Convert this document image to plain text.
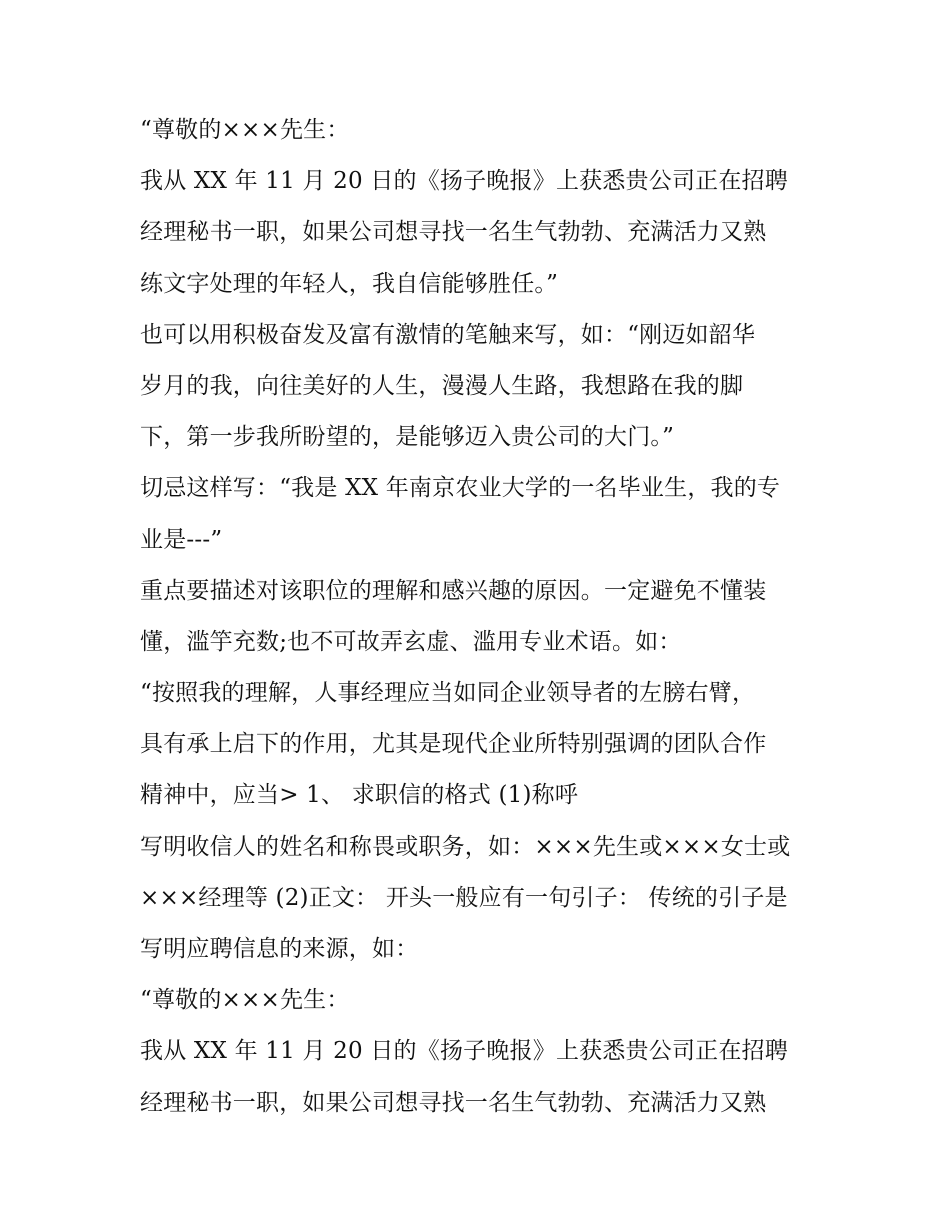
“尊敬的×××先生：
我从 XX 年 11 月 20 日的《扬子晚报》上获悉贵公司正在招聘
经理秘书一职，如果公司想寻找一名生气勃勃、充满活力又熟
练文字处理的年轻人，我自信能够胜任。”
也可以用积极奋发及富有激情的笔触来写，如：“刚迈如韶华
岁月的我，向往美好的人生，漫漫人生路，我想路在我的脚
下，第一步我所盼望的，是能够迈入贵公司的大门。”
切忌这样写：“我是 XX 年南京农业大学的一名毕业生，我的专
业是---”
重点要描述对该职位的理解和感兴趣的原因。一定避免不懂装
懂，滥竽充数;也不可故弄玄虚、滥用专业术语。如：
“按照我的理解，人事经理应当如同企业领导者的左膀右臂，
具有承上启下的作用，尤其是现代企业所特别强调的团队合作
精神中，应当> 1、 求职信的格式 (1)称呼
写明收信人的姓名和称畏或职务，如：×××先生或×××女士或
×××经理等 (2)正文： 开头一般应有一句引子： 传统的引子是
写明应聘信息的来源，如：
“尊敬的×××先生：
我从 XX 年 11 月 20 日的《扬子晚报》上获悉贵公司正在招聘
经理秘书一职，如果公司想寻找一名生气勃勃、充满活力又熟
